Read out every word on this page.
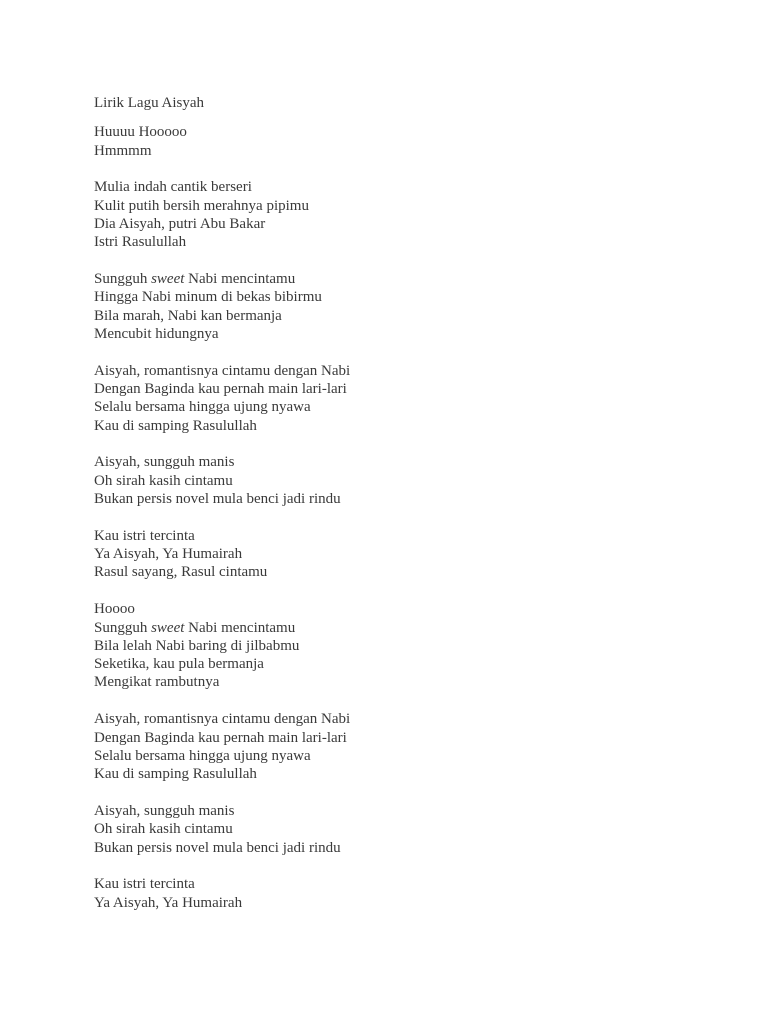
Lirik Lagu Aisyah

Huuuu Hooooo
Hmmmm
Mulia indah cantik berseri
Kulit putih bersih merahnya pipimu
Dia Aisyah, putri Abu Bakar
Istri Rasulullah
Sungguh sweet Nabi mencintamu
Hingga Nabi minum di bekas bibirmu
Bila marah, Nabi kan bermanja
Mencubit hidungnya
Aisyah, romantisnya cintamu dengan Nabi
Dengan Baginda kau pernah main lari-lari
Selalu bersama hingga ujung nyawa
Kau di samping Rasulullah
Aisyah, sungguh manis
Oh sirah kasih cintamu
Bukan persis novel mula benci jadi rindu
Kau istri tercinta
Ya Aisyah, Ya Humairah
Rasul sayang, Rasul cintamu
Hoooo
Sungguh sweet Nabi mencintamu
Bila lelah Nabi baring di jilbabmu
Seketika, kau pula bermanja
Mengikat rambutnya
Aisyah, romantisnya cintamu dengan Nabi
Dengan Baginda kau pernah main lari-lari
Selalu bersama hingga ujung nyawa
Kau di samping Rasulullah
Aisyah, sungguh manis
Oh sirah kasih cintamu
Bukan persis novel mula benci jadi rindu
Kau istri tercinta
Ya Aisyah, Ya Humairah
